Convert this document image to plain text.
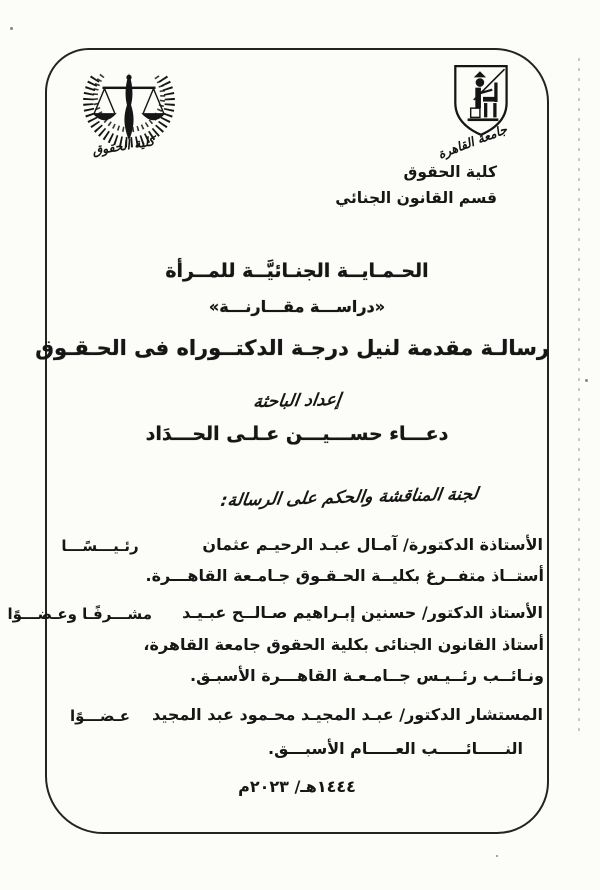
كلية الحقوق	جامعة القاهرة
كلية الحقوق
قسم القانون الجنائي
الحـمـايــة الجنـائيَّــة للمــرأة
«دراســـة مقـــارنـــة»
رسالـة مقدمة لنيل درجـة الدكتــوراه فى الحـقـوق
إعداد الباحثة
دعـــاء حســـيـــن عـلـى الحـــدَاد
لجنة المناقشة والحكم على الرسالة:
رئـيـــسًـــا	الأستاذة الدكتورة/ آمـال عبـد الرحيـم عثمان
أستــاذ متفــرغ بكليــة الحـقـوق جـامـعة القاهـــرة.
مشـــرفًـا وعـضـــوًا الأستاذ الدكتور/ حسنين إبـراهيم صـالــح عبـيـد
أستاذ القانون الجنائى بكلية الحقوق جامعة القاهرة،
ونـائــب رئــيـس جــامـعـة القاهـــرة الأسبـق.
عـضـــوًا	المستشار الدكتور/ عبـد المجيـد محـمود عبد المجيد
النـــــائـــــب العـــــام الأسبـــق.
١٤٤٤هـ/ ٢٠٢٣م
